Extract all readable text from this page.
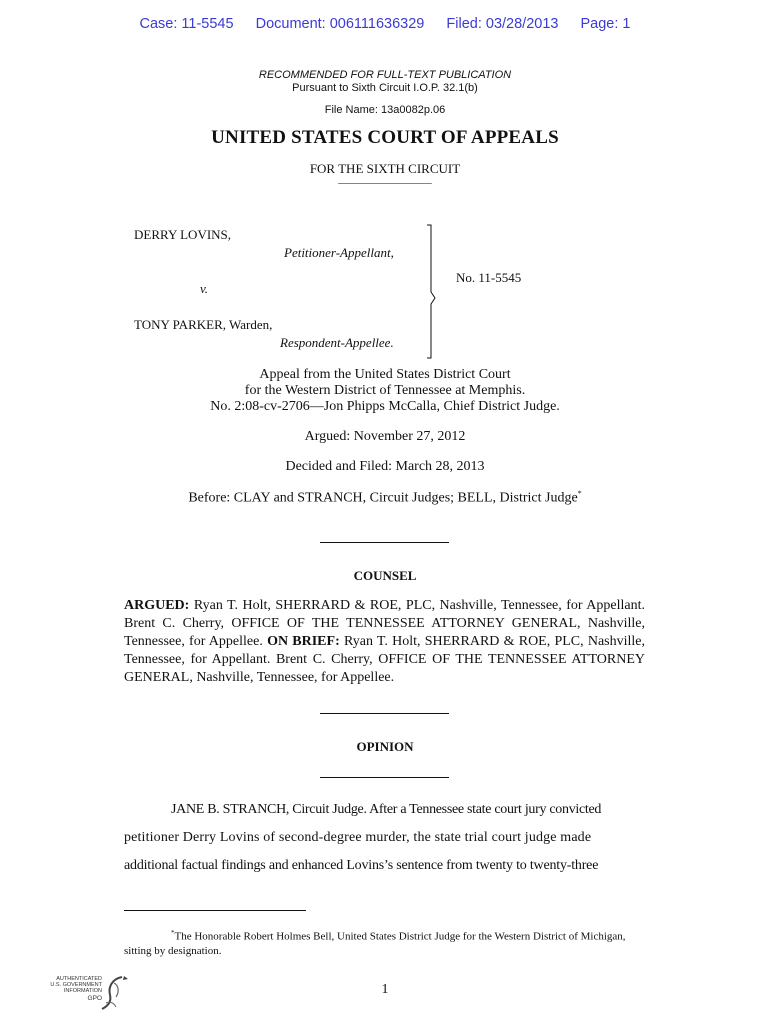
Case: 11-5545 Document: 006111636329 Filed: 03/28/2013 Page: 1
RECOMMENDED FOR FULL-TEXT PUBLICATION
Pursuant to Sixth Circuit I.O.P. 32.1(b)
File Name: 13a0082p.06
UNITED STATES COURT OF APPEALS
FOR THE SIXTH CIRCUIT
_________________
DERRY LOVINS,
Petitioner-Appellant,
v.
TONY PARKER, Warden,
Respondent-Appellee.
No. 11-5545
Appeal from the United States District Court
for the Western District of Tennessee at Memphis.
No. 2:08-cv-2706—Jon Phipps McCalla, Chief District Judge.
Argued: November 27, 2012
Decided and Filed: March 28, 2013
Before: CLAY and STRANCH, Circuit Judges; BELL, District Judge*
COUNSEL
ARGUED: Ryan T. Holt, SHERRARD & ROE, PLC, Nashville, Tennessee, for Appellant. Brent C. Cherry, OFFICE OF THE TENNESSEE ATTORNEY GENERAL, Nashville, Tennessee, for Appellee. ON BRIEF: Ryan T. Holt, SHERRARD & ROE, PLC, Nashville, Tennessee, for Appellant. Brent C. Cherry, OFFICE OF THE TENNESSEE ATTORNEY GENERAL, Nashville, Tennessee, for Appellee.
OPINION
JANE B. STRANCH, Circuit Judge. After a Tennessee state court jury convicted
petitioner Derry Lovins of second-degree murder, the state trial court judge made
additional factual findings and enhanced Lovins’s sentence from twenty to twenty-three
*The Honorable Robert Holmes Bell, United States District Judge for the Western District of Michigan, sitting by designation.
1
AUTHENTICATED
U.S. GOVERNMENT
INFORMATION
GPO
